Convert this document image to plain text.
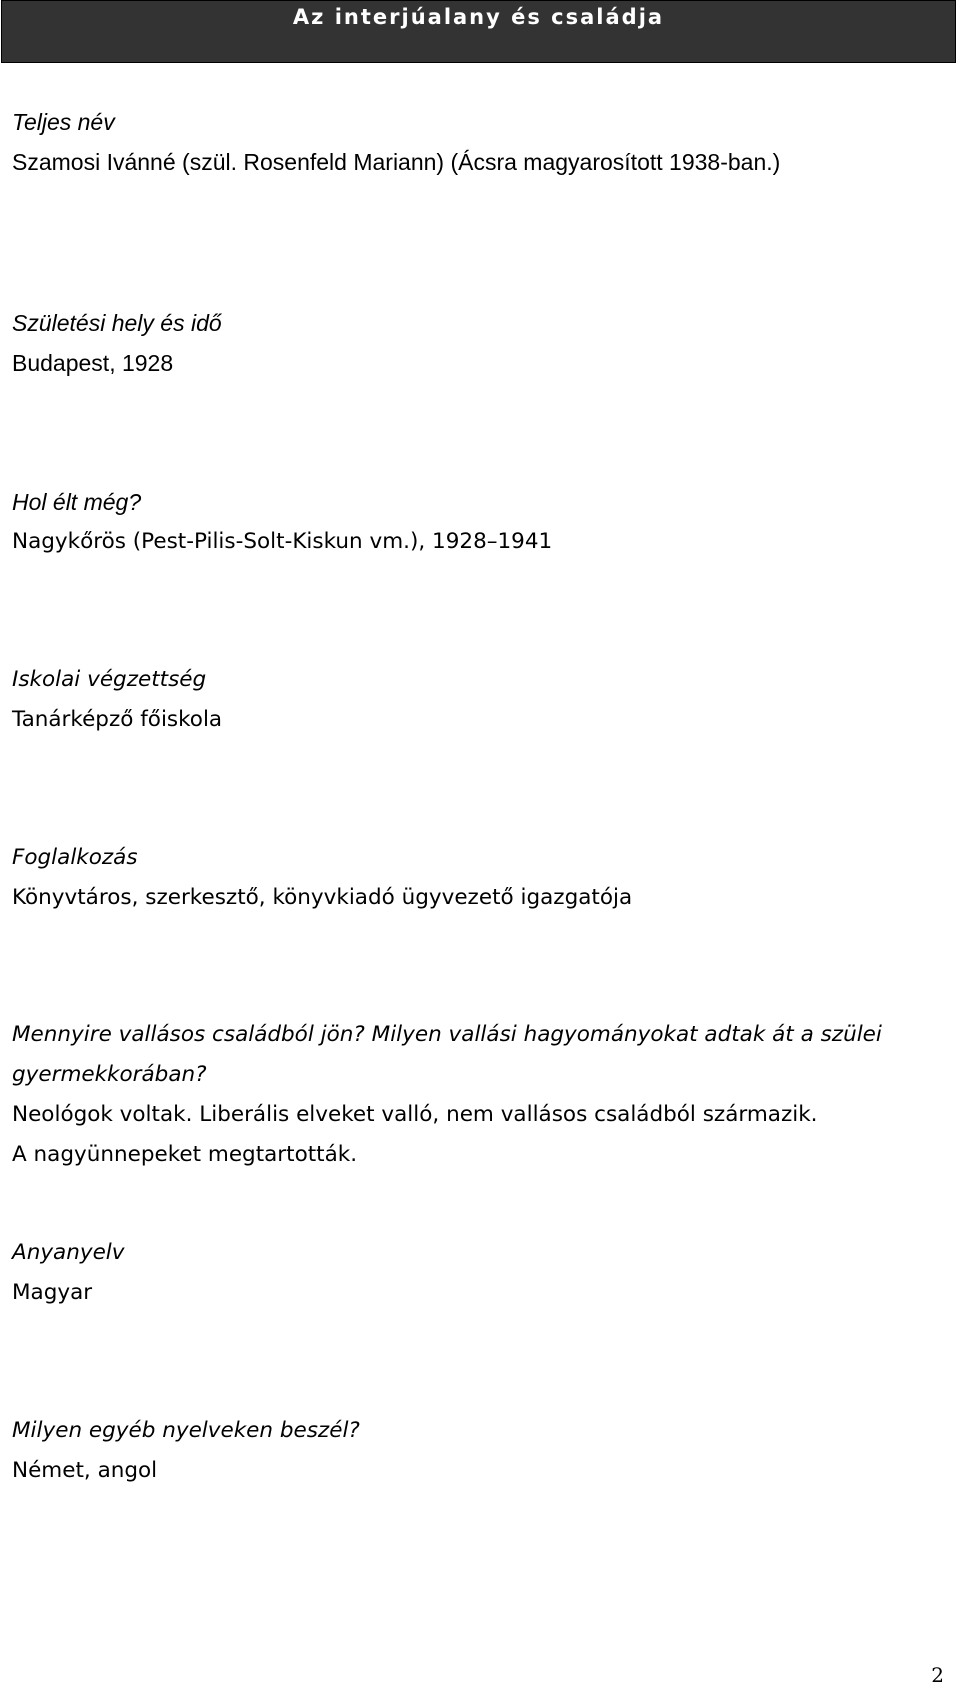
Az interjúalany és családja

Teljes név

Szamosi Ivánné (szül. Rosenfeld Mariann) (Ácsra magyarosított 1938-ban.)

Születési hely és idő

Budapest, 1928

Hol élt még?

Nagykőrös (Pest-Pilis-Solt-Kiskun vm.), 1928–1941

Iskolai végzettség

Tanárképző főiskola

Foglalkozás

Könyvtáros, szerkesztő, könyvkiadó ügyvezető igazgatója

Mennyire vallásos családból jön? Milyen vallási hagyományokat adtak át a szülei

gyermekkorában?

Neológok voltak. Liberális elveket valló, nem vallásos családból származik.

A nagyünnepeket megtartották.

Anyanyelv

Magyar

Milyen egyéb nyelveken beszél?

Német, angol

2
